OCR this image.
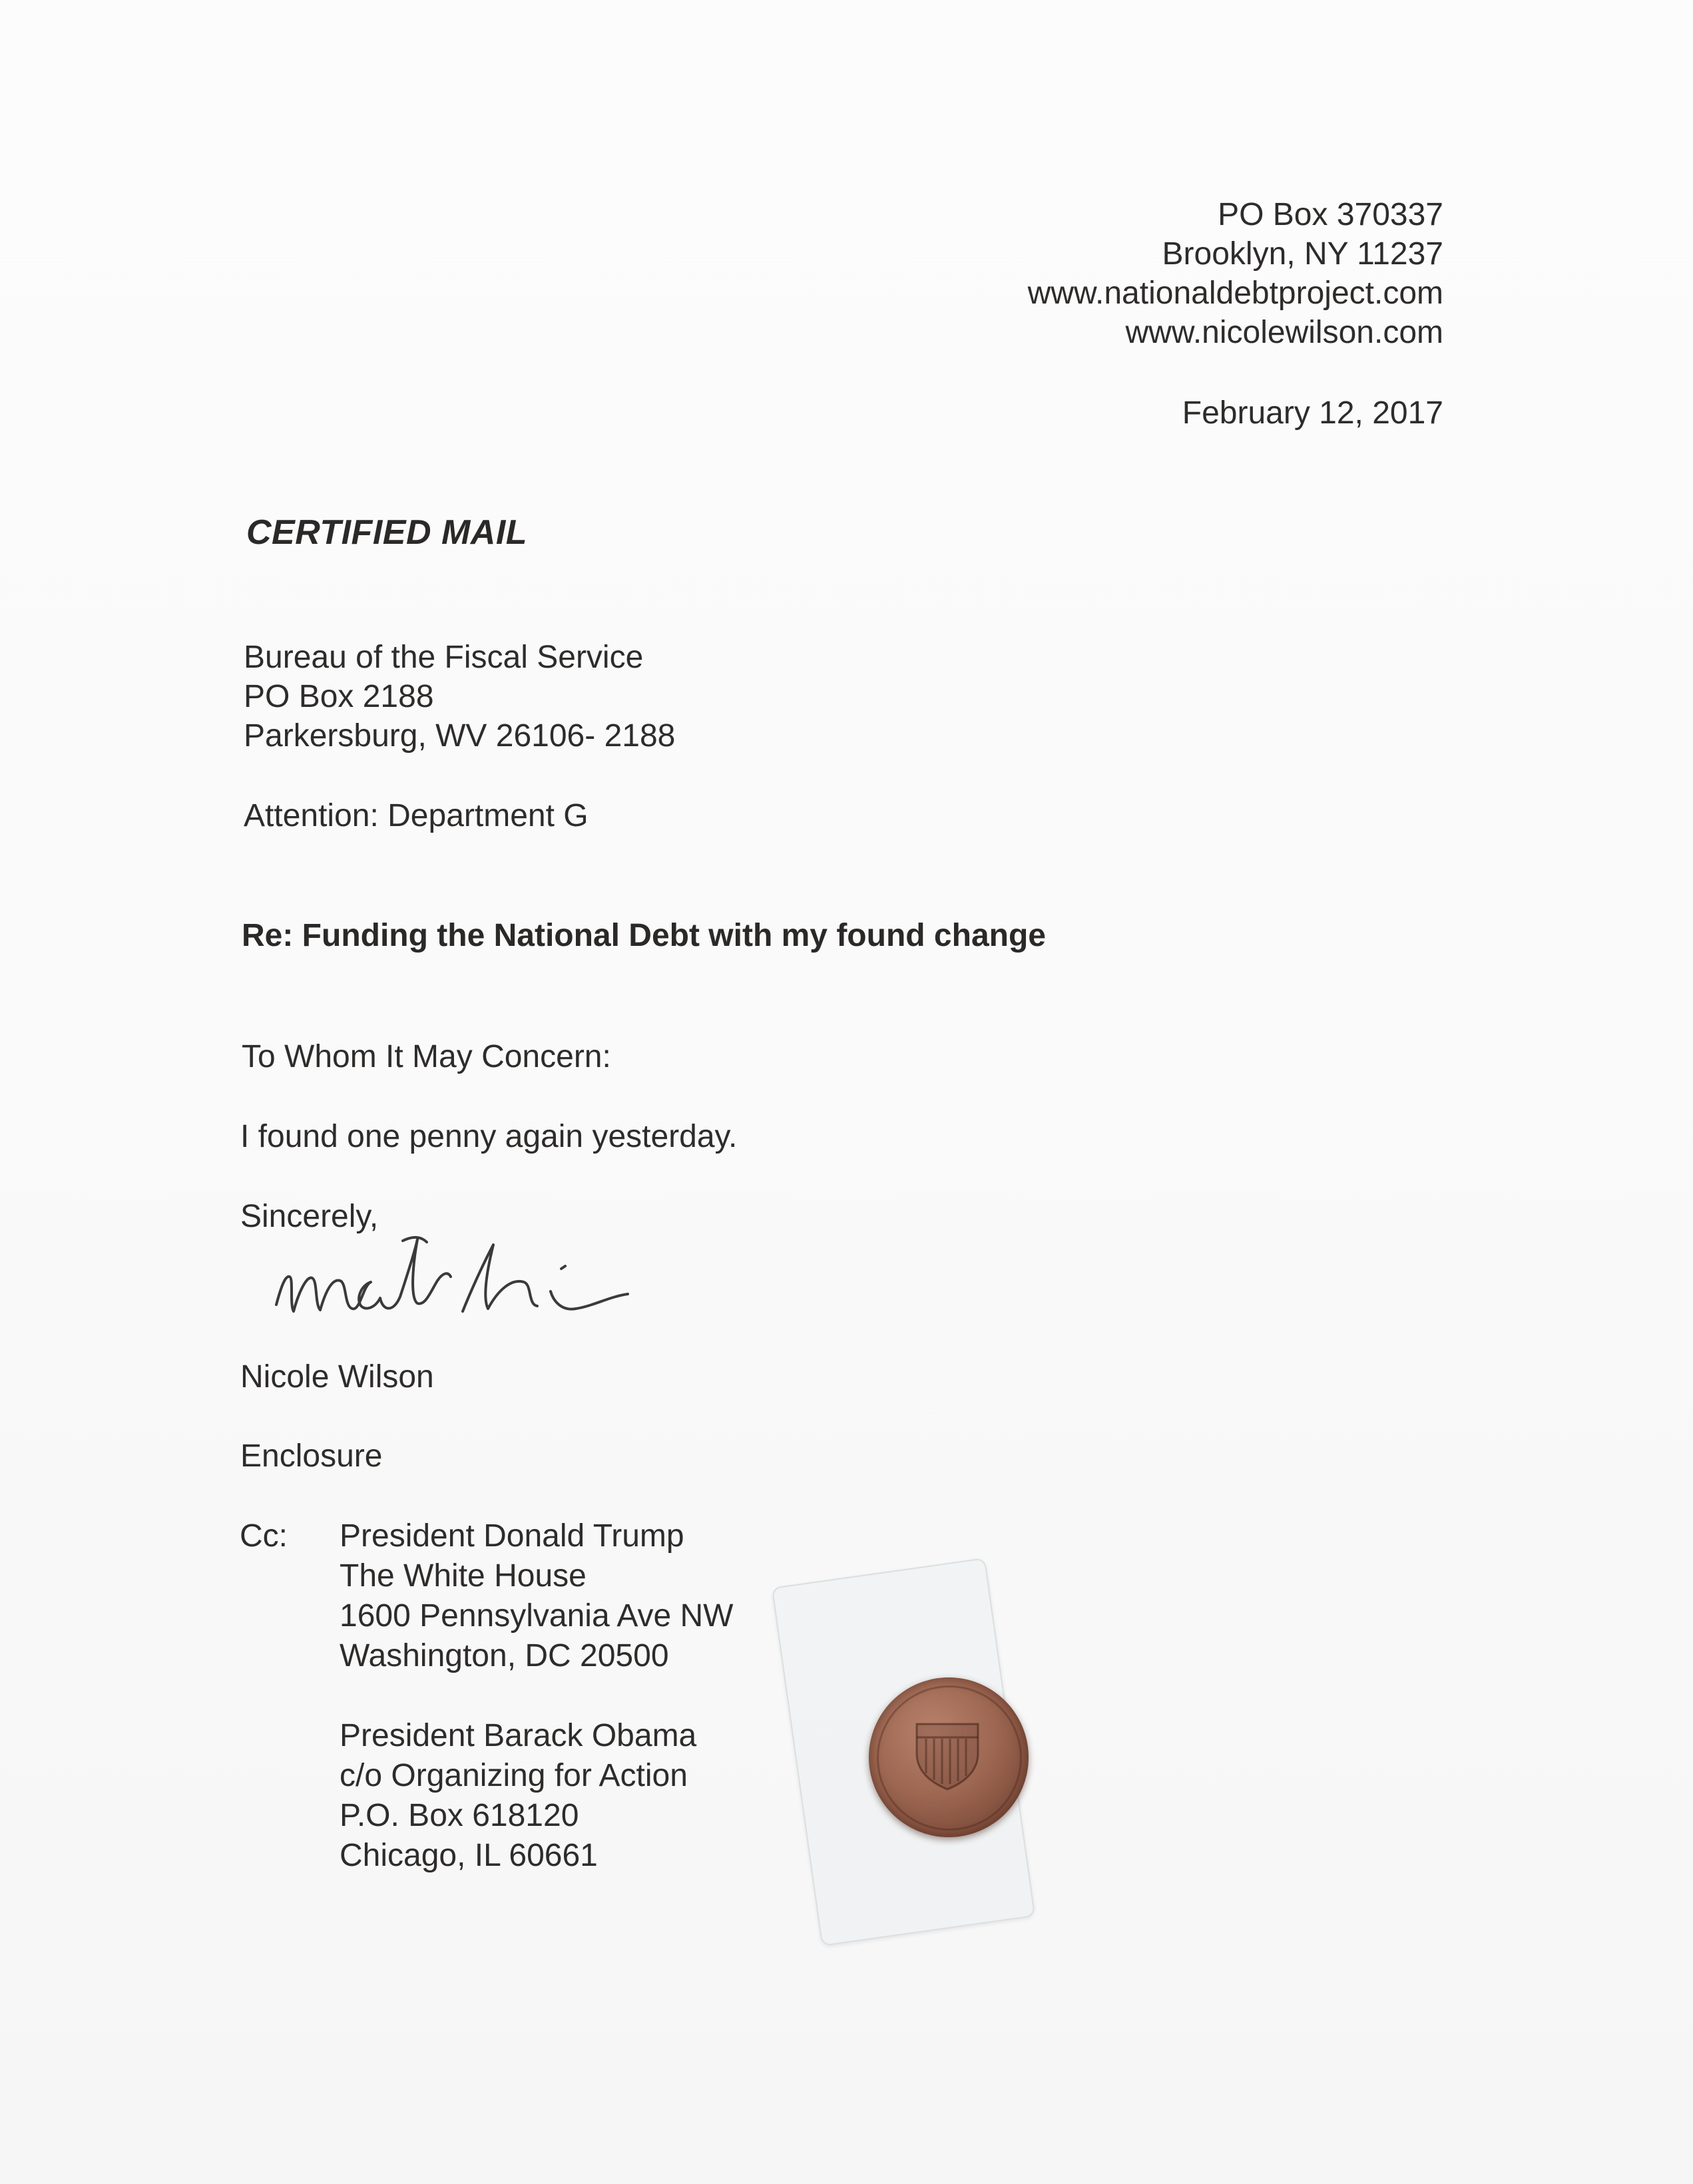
PO Box 370337
Brooklyn, NY 11237
www.nationaldebtproject.com
www.nicolewilson.com
February 12, 2017
CERTIFIED MAIL
Bureau of the Fiscal Service
PO Box 2188
Parkersburg, WV 26106- 2188
Attention: Department G
Re: Funding the National Debt with my found change
To Whom It May Concern:
I found one penny again yesterday.
Sincerely,
Nicole Wilson
Enclosure
Cc: President Donald Trump
The White House
1600 Pennsylvania Ave NW
Washington, DC 20500
President Barack Obama
c/o Organizing for Action
P.O. Box 618120
Chicago, IL 60661
